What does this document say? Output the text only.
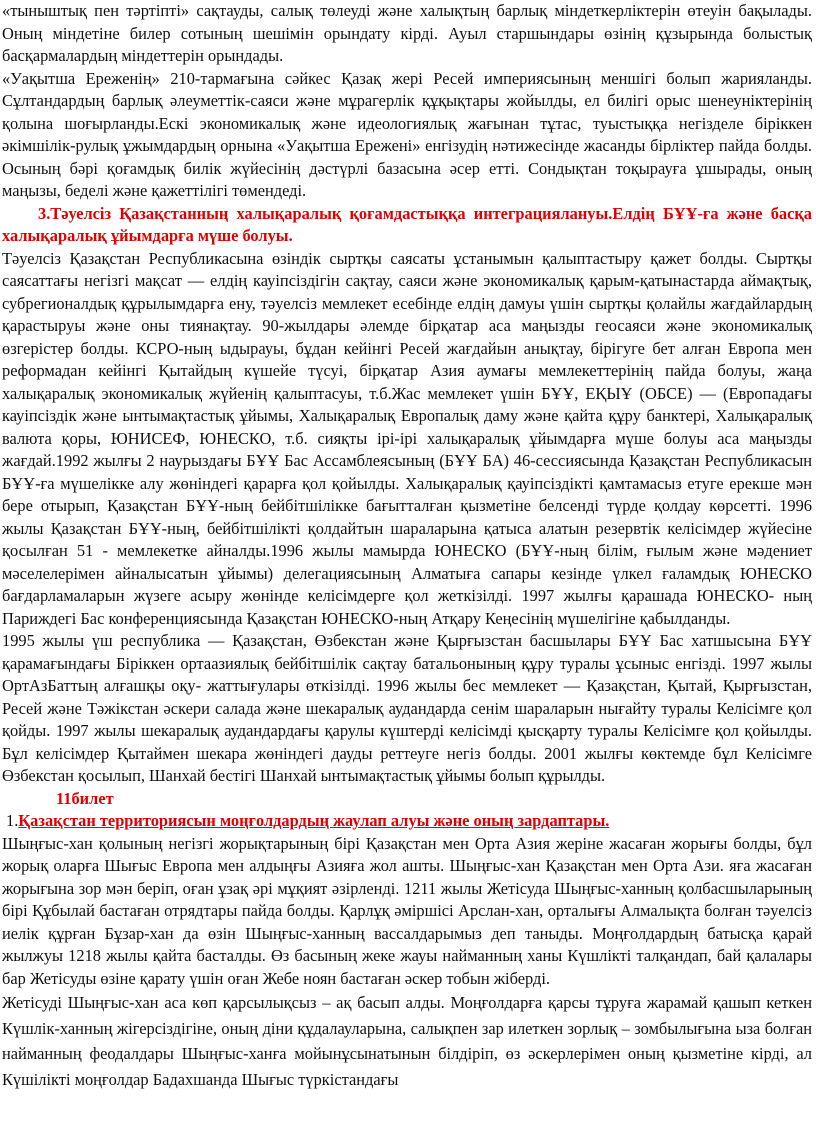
«тыныштық пен тәртіпті» сақтауды, салық төлеуді және халықтың барлық міндеткерліктерін өтеуін бақылады. Оның міндетіне билер сотының шешімін орындату кірді. Ауыл старшындары өзінің құзырында болыстық басқармалардың міндеттерін орындады.

«Уақытша Ереженің» 210-тармағына сәйкес Қазақ жері Ресей империясының меншігі болып жарияланды. Сұлтандардың барлық әлеуметтік-саяси және мұрагерлік құқықтары жойылды, ел билігі орыс шенеуніктерінің қолына шоғырланды.Ескі экономикалық және идеологиялық жағынан тұтас, туыстыққа негізделе біріккен әкімшілік-рулық ұжымдардың орнына «Уақытша Ережені» енгізудің нәтижесінде жасанды бірліктер пайда болды. Осының бәрі қоғамдық билік жүйесінің дәстүрлі базасына әсер етті. Сондықтан тоқырауға ұшырады, оның маңызы, беделі және қажеттілігі төмендеді.

3.Тәуелсіз Қазақстанның халықаралық қоғамдастыққа интеграциялануы.Елдің БҰҰ-ға және басқа халықаралық ұйымдарға мүше болуы.

Тәуелсіз Қазақстан Республикасына өзіндік сыртқы саясаты ұстанымын қалыптастыру қажет болды. Сыртқы саясаттағы негізгі мақсат — елдің кауіпсіздігін сақтау, саяси және экономикалық қарым-қатынастарда аймақтық, субрегионалдық құрылымдарға ену, тәуелсіз мемлекет есебінде елдің дамуы үшін сыртқы қолайлы жағдайлардың қарастыруы және оны тиянақтау. 90-жылдары әлемде бірқатар аса маңызды геосаяси және экономикалық өзгерістер болды. КСРО-ның ыдырауы, бұдан кейінгі Ресей жағдайын анықтау, бірігуге бет алған Европа мен реформадан кейінгі Қытайдың күшейе түсуі, бірқатар Азия аумағы мемлекеттерінің пайда болуы, жаңа халықаралық экономикалық жүйенің қалыптасуы, т.б.Жас мемлекет үшін БҰҰ, ЕҚЫҰ (ОБСЕ) — (Европадағы кауіпсіздік және ынтымақтастық ұйымы, Халықаралық Европалық даму және қайта құру банктері, Халықаралық валюта қоры, ЮНИСЕФ, ЮНЕСКО, т.б. сияқты ірі-ірі халықаралық ұйымдарға мүше болуы аса маңызды жағдай.1992 жылғы 2 наурыздағы БҰҰ Бас Ассамблеясының (БҰҰ БА) 46-сессиясында Қазақстан Республикасын БҰҰ-ға мүшелікке алу жөніндегі қарарға қол қойылды. Халықаралық қауіпсіздікті қамтамасыз етуге ерекше мән бере отырып, Қазақстан БҰҰ-ның бейбітшілікке бағытталған қызметіне белсенді түрде қолдау көрсетті. 1996 жылы Қазақстан БҰҰ-ның, бейбітшілікті қолдайтын шараларына қатыса алатын резервтік келісімдер жүйесіне қосылған 51 - мемлекетке айналды.1996 жылы мамырда ЮНЕСКО (БҰҰ-ның білім, ғылым және мәдениет мәселелерімен айналысатын ұйымы) делегациясының Алматыға сапары кезінде үлкел ғаламдық ЮНЕСКО бағдарламаларын жүзеге асыру жөнінде келісімдерге қол жеткізілді. 1997 жылғы қарашада ЮНЕСКО- ның Париждегі Бас конференциясында Қазақстан ЮНЕСКО-ның Атқару Кеңесінің мүшелігіне қабылданды.

1995 жылы үш республика — Қазақстан, Өзбекстан және Қырғызстан басшылары БҰҰ Бас хатшысына БҰҰ қарамағындағы Біріккен ортаазиялық бейбітшілік сақтау батальонының құру туралы ұсыныс енгізді. 1997 жылы ОртАзБаттың алғашқы оқу- жаттығулары өткізілді. 1996 жылы бес мемлекет — Қазақстан, Қытай, Қырғызстан, Ресей және Тәжікстан әскери салада және шекаралық аудандарда сенім шараларын нығайту туралы Келісімге қол қойды. 1997 жылы шекаралық аудандардағы қарулы күштерді келісімді қысқарту туралы Келісімге қол қойылды. Бұл келісімдер Қытаймен шекара жөніндегі дауды реттеуге негіз болды. 2001 жылғы көктемде бұл Келісімге Өзбекстан қосылып, Шанхай бестігі Шанхай ынтымақтастық ұйымы болып құрылды.

11билет

1.Қазақстан территориясын моңғолдардың жаулап алуы және оның зардаптары.

Шыңғыс-хан қолының негізгі жорықтарының бірі Қазақстан мен Орта Азия жеріне жасаған жорығы болды, бұл жорық оларға Шығыс Европа мен алдыңғы Азияға жол ашты. Шыңғыс-хан Қазақстан мен Орта Ази. яға жасаған жорығына зор мән беріп, оған ұзақ әрі мұқият әзірленді. 1211 жылы Жетісуда Шыңғыс-ханның қолбасшыларының бірі Құбылай бастаған отрядтары пайда болды. Қарлұқ әміршісі Арслан-хан, орталығы Алмалықта болған тәуелсіз иелік құрған Бұзар-хан да өзін Шыңғыс-ханның вассалдарымыз деп таныды. Моңғолдардың батысқа қарай жылжуы 1218 жылы қайта басталды. Өз басының жеке жауы найманның ханы Күшлікті талқандап, бай қалалары бар Жетісуды өзіне қарату үшін оған Жебе ноян бастаған әскер тобын жіберді.

Жетісуді Шыңғыс-хан аса көп қарсылықсыз – ақ басып алды. Моңғолдарға қарсы тұруға жарамай қашып кеткен Күшлік-ханның жігерсіздігіне, оның діни құдалауларына, салықпен зар илеткен зорлық – зомбылығына ыза болған найманның феодалдары Шыңғыс-ханға мойынұсынатынын білдіріп, өз әскерлерімен оның қызметіне кірді, ал Күшілікті моңғолдар Бадахшанда Шығыс түркістандағы
